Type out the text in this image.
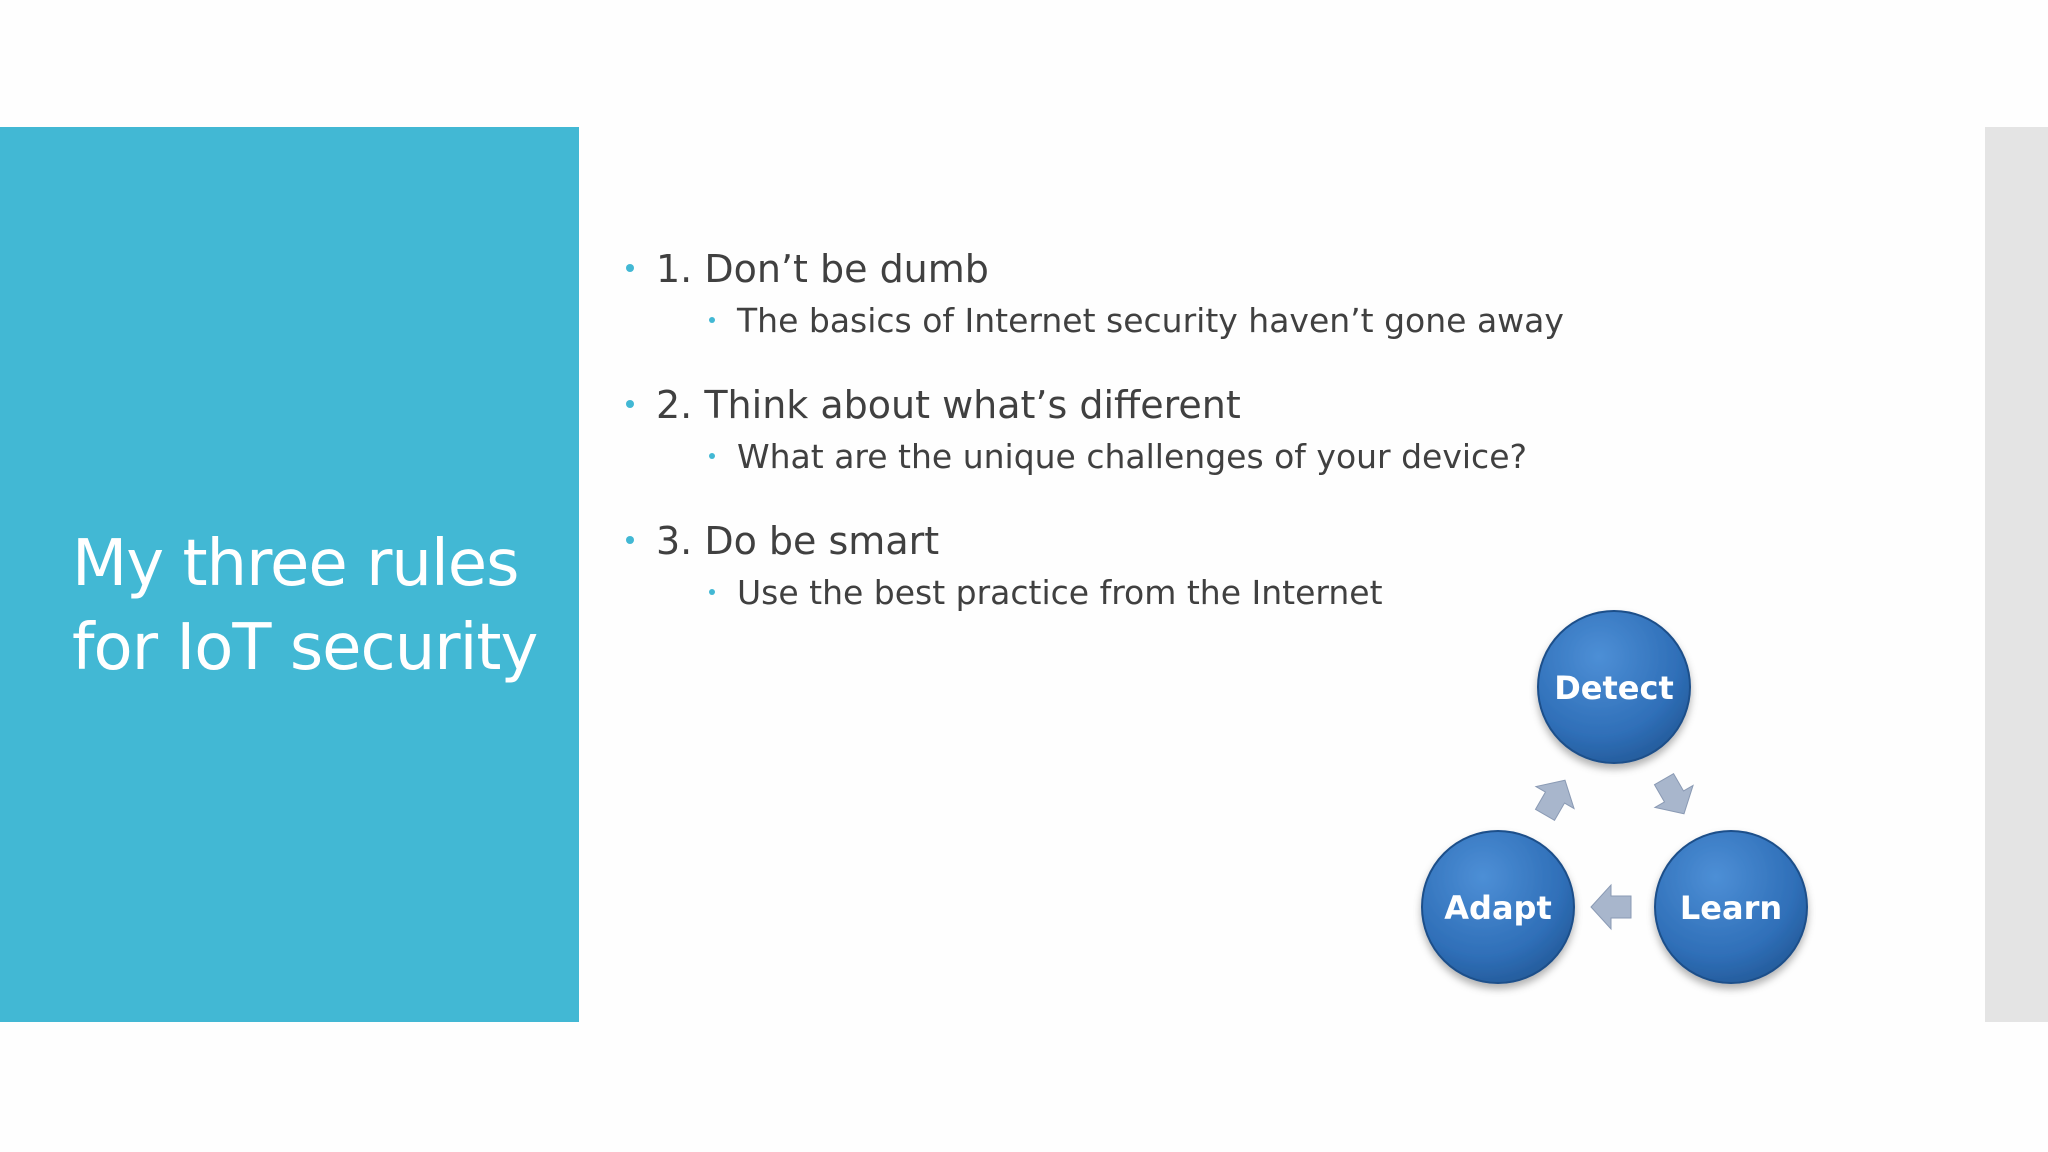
My three rules for IoT security
1. Don’t be dumb
The basics of Internet security haven’t gone away
2. Think about what’s different
What are the unique challenges of your device?
3. Do be smart
Use the best practice from the Internet
Detect
Learn
Adapt
